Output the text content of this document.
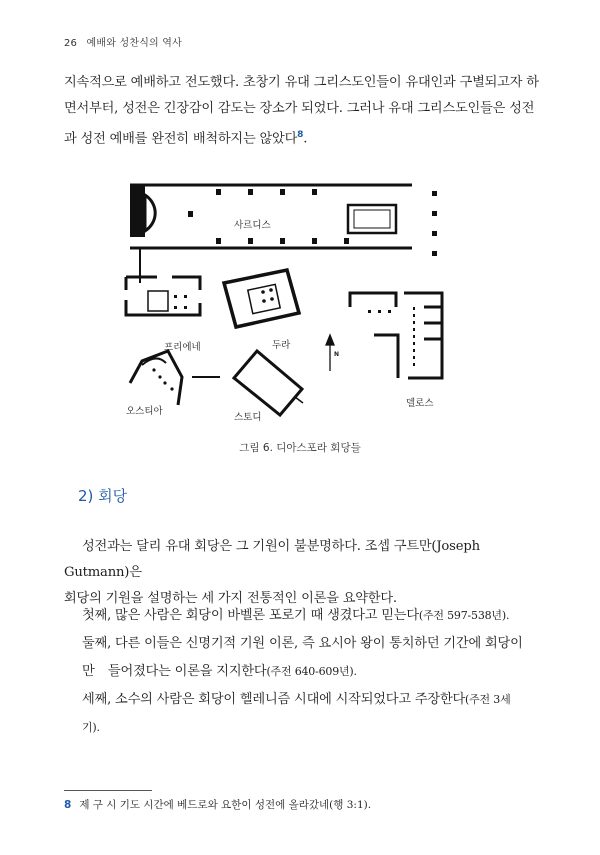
26 예배와 성찬식의 역사

지속적으로 예배하고 전도했다. 초창기 유대 그리스도인들이 유대인과 구별되고자 하
면서부터, 성전은 긴장감이 감도는 장소가 되었다. 그러나 유대 그리스도인들은 성전
과 성전 예배를 완전히 배척하지는 않았다$^8$.

사르디스
프리에네	두라
오스티아
스토디
델로스
N
그림 6. 디아스포라 회당들
2) 회당

성전과는 달리 유대 회당은 그 기원이 불분명하다. 조셉 구트만(Joseph Gutmann)은
회당의 기원을 설명하는 세 가지 전통적인 이론을 요약한다.

첫째, 많은 사람은 회당이 바벨론 포로기 때 생겼다고 믿는다(주전 597-538년).
둘째, 다른 이들은 신명기적 기원 이론, 즉 요시아 왕이 통치하던 기간에 회당이 만	들어졌다는 이론을 지지한다(주전 640-609년).
세째, 소수의 사람은 회당이 헬레니즘 시대에 시작되었다고 주장한다(주전 3세기).
8 제 구 시 기도 시간에 베드로와 요한이 성전에 올라갔네(행 3:1).
